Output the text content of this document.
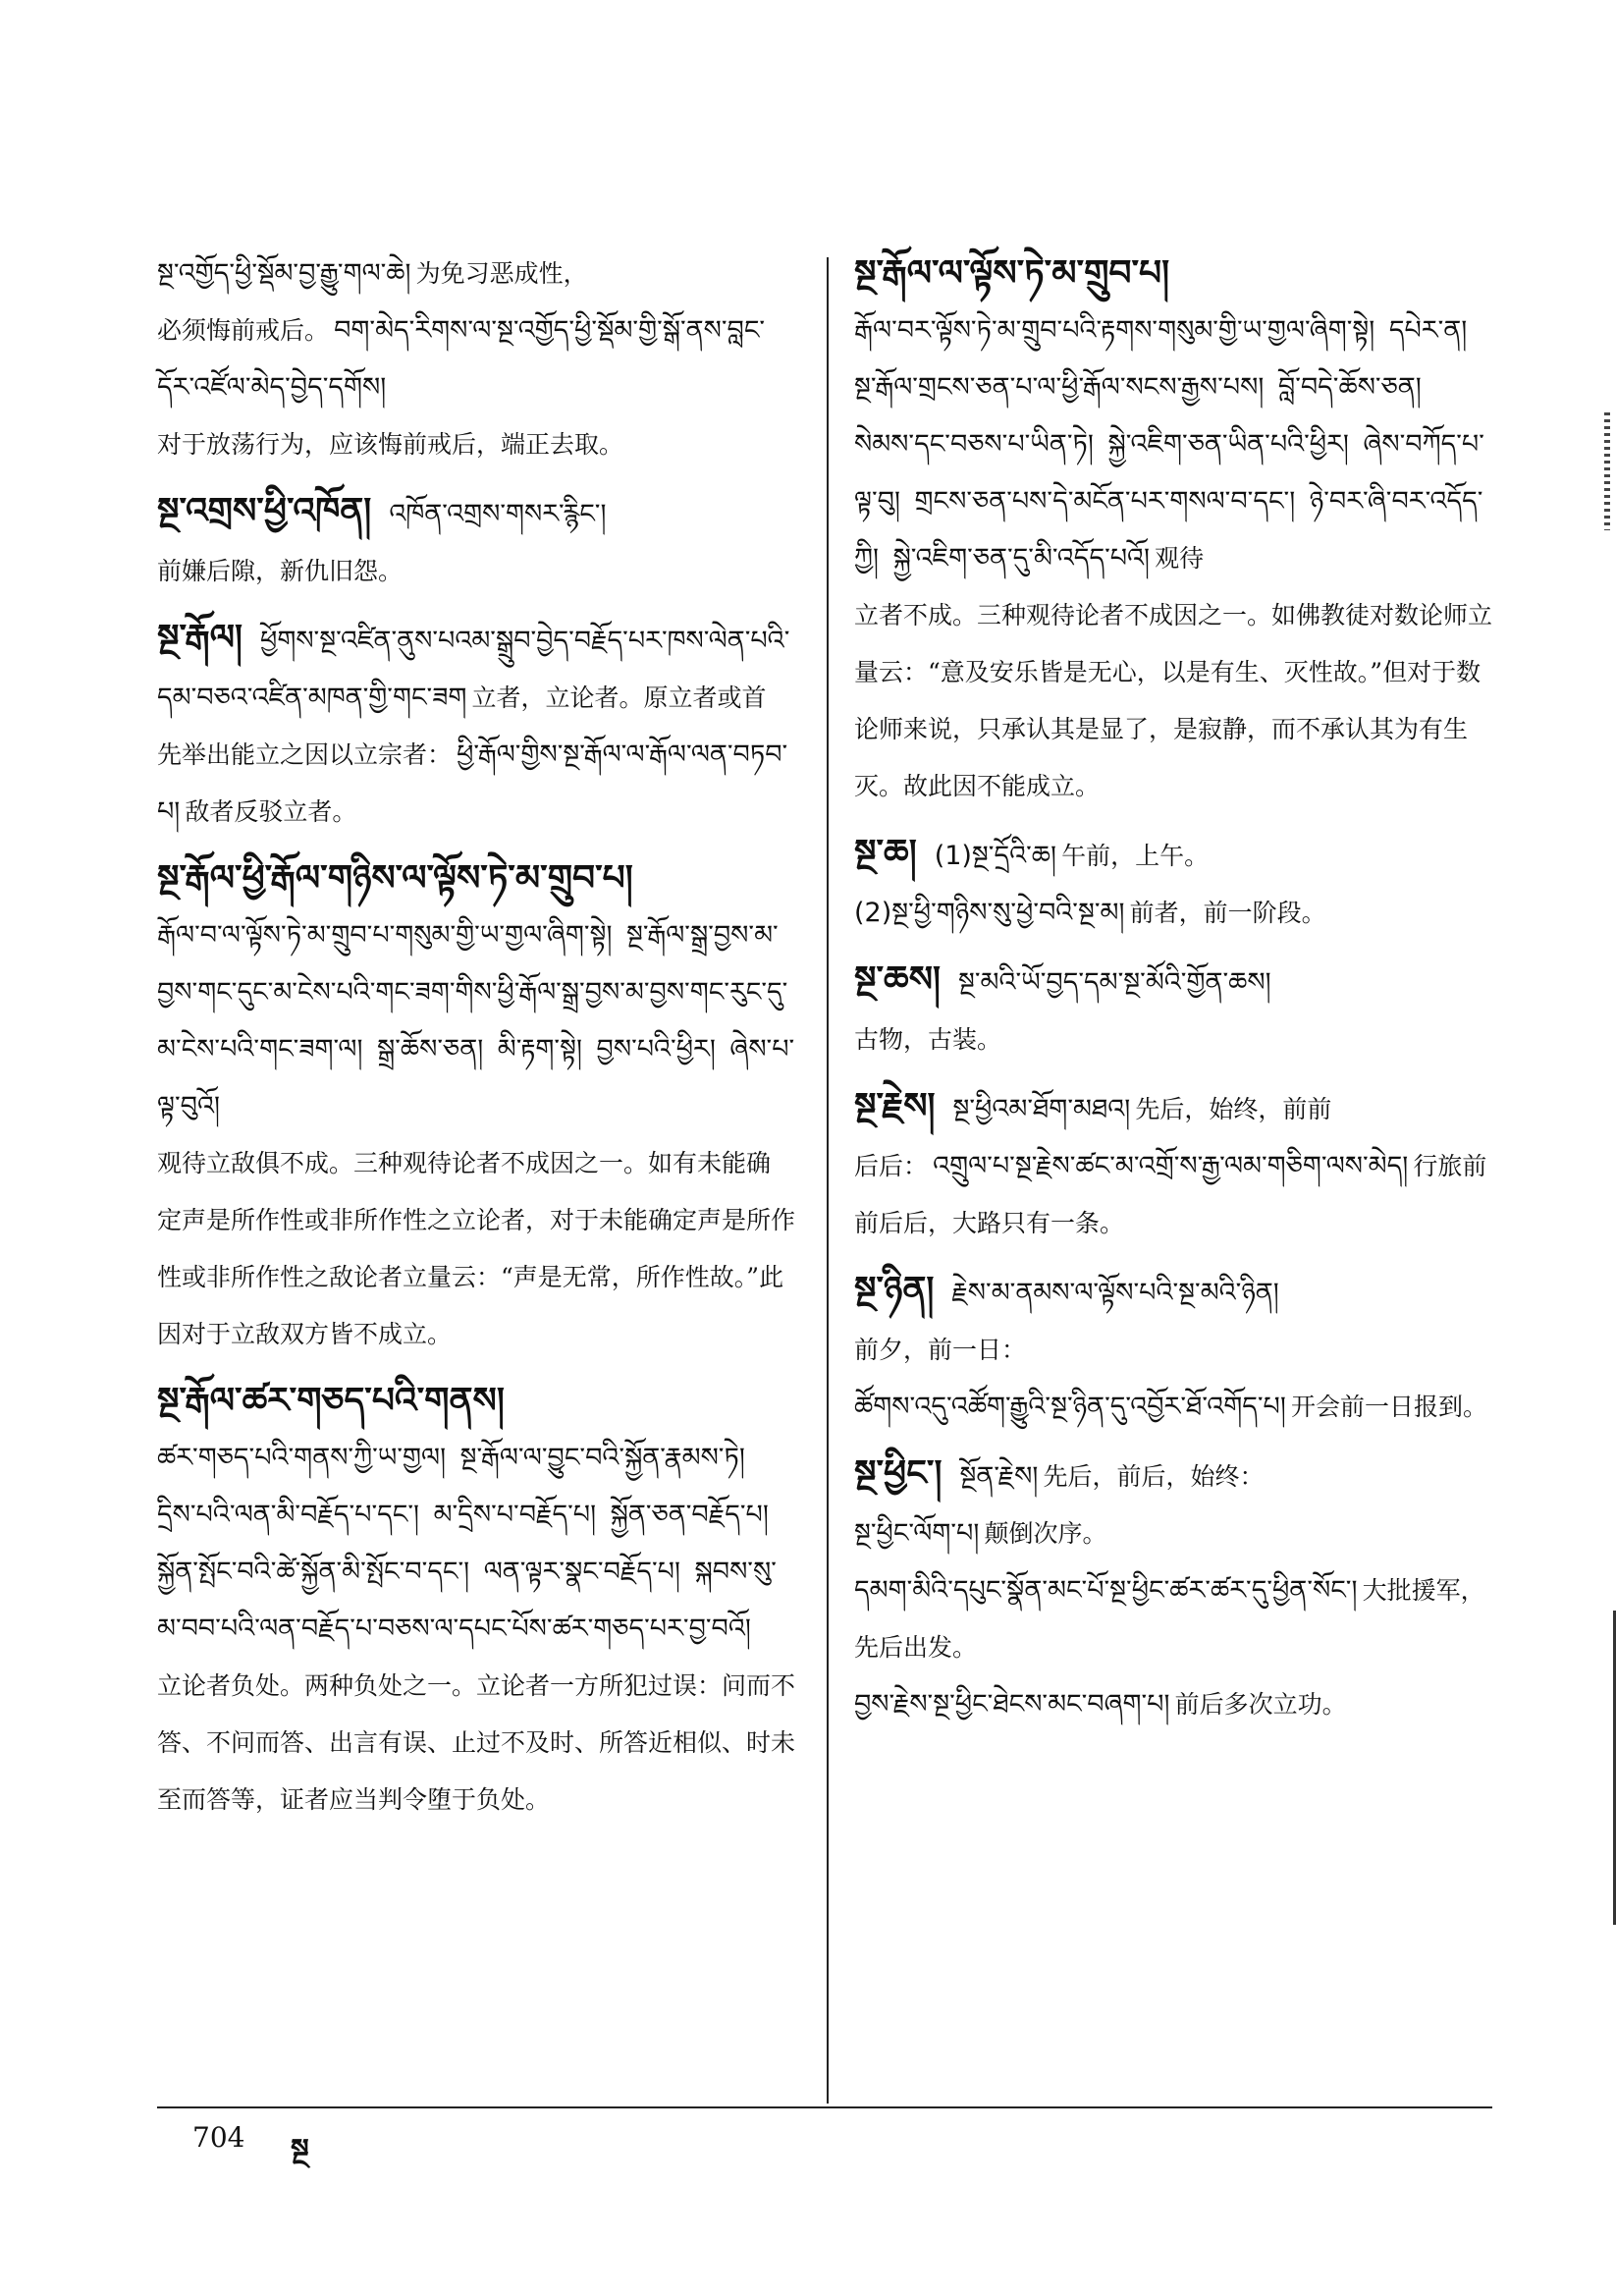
སྔ་འགྱོད་ཕྱི་སྡོམ་བྱ་རྒྱུ་གལ་ཆེ། 为免习恶成性，

必须悔前戒后。 བག་མེད་རིགས་ལ་སྔ་འགྱོད་ཕྱི་སྡོམ་གྱི་སྒོ་ནས་བླང་དོར་འཛོལ་མེད་བྱེད་དགོས།

对于放荡行为，应该悔前戒后，端正去取。

སྔ་འགྲས་ཕྱི་འཁོན། འཁོན་འགྲས་གསར་རྙིང་།

前嫌后隙，新仇旧怨。

སྔ་རྒོལ། ཕྱོགས་སྔ་འཛིན་ནུས་པའམ་སྒྲུབ་བྱེད་བརྗོད་པར་ཁས་ལེན་པའི་དམ་བཅའ་འཛིན་མཁན་གྱི་གང་ཟག 立者，立论者。原立者或首

先举出能立之因以立宗者： ཕྱི་རྒོལ་གྱིས་སྔ་རྒོལ་ལ་རྒོལ་ལན་བཏབ་པ། 敌者反驳立者。

སྔ་རྒོལ་ཕྱི་རྒོལ་གཉིས་ལ་ལྟོས་ཏེ་མ་གྲུབ་པ།

རྒོལ་བ་ལ་ལྟོས་ཏེ་མ་གྲུབ་པ་གསུམ་གྱི་ཡ་གྱལ་ཞིག་སྟེ། སྔ་རྒོལ་སྒྲ་བྱས་མ་བྱས་གང་དུང་མ་ངེས་པའི་གང་ཟག་གིས་ཕྱི་རྒོལ་སྒྲ་བྱས་མ་བྱས་གང་རུང་དུ་མ་ངེས་པའི་གང་ཟག་ལ། སྒྲ་ཆོས་ཅན། མི་རྟག་སྟེ། བྱས་པའི་ཕྱིར། ཞེས་པ་ལྟ་བུའོ།

观待立敌俱不成。三种观待论者不成因之一。如有未能确定声是所作性或非所作性之立论者，对于未能确定声是所作性或非所作性之敌论者立量云：“声是无常，所作性故。”此因对于立敌双方皆不成立。

སྔ་རྒོལ་ཚར་གཅད་པའི་གནས།

ཚར་གཅད་པའི་གནས་ཀྱི་ཡ་གྱལ། སྔ་རྒོལ་ལ་བྱུང་བའི་སྐྱོན་རྣམས་ཏེ། དྲིས་པའི་ལན་མི་བརྗོད་པ་དང་། མ་དྲིས་པ་བརྗོད་པ། སྐྱོན་ཅན་བརྗོད་པ། སྐྱོན་སྤོང་བའི་ཚེ་སྐྱོན་མི་སྤོང་བ་དང་། ལན་ལྟར་སྣང་བརྗོད་པ། སྐབས་སུ་མ་བབ་པའི་ལན་བརྗོད་པ་བཅས་ལ་དཔང་པོས་ཚར་གཅད་པར་བྱ་བའོ།

立论者负处。两种负处之一。立论者一方所犯过误：问而不答、不问而答、出言有误、止过不及时、所答近相似、时未至而答等，证者应当判令堕于负处。

སྔ་རྒོལ་ལ་ལྟོས་ཏེ་མ་གྲུབ་པ།

རྒོལ་བར་ལྟོས་ཏེ་མ་གྲུབ་པའི་རྟགས་གསུམ་གྱི་ཡ་གྱལ་ཞིག་སྟེ། དཔེར་ན། སྔ་རྒོལ་གྲངས་ཅན་པ་ལ་ཕྱི་རྒོལ་སངས་རྒྱས་པས། བློ་བདེ་ཆོས་ཅན། སེམས་དང་བཅས་པ་ཡིན་ཏེ། སྐྱེ་འཇིག་ཅན་ཡིན་པའི་ཕྱིར། ཞེས་བཀོད་པ་ལྟ་བུ། གྲངས་ཅན་པས་དེ་མངོན་པར་གསལ་བ་དང་། ཉེ་བར་ཞི་བར་འདོད་ཀྱི། སྐྱེ་འཇིག་ཅན་དུ་མི་འདོད་པའོ། 观待

立者不成。三种观待论者不成因之一。如佛教徒对数论师立量云：“意及安乐皆是无心，以是有生、灭性故。”但对于数论师来说，只承认其是显了，是寂静，而不承认其为有生灭。故此因不能成立。

སྔ་ཆ། (1)སྔ་དྲོའི་ཆ། 午前，上午。

(2)སྔ་ཕྱི་གཉིས་སུ་ཕྱེ་བའི་སྔ་མ། 前者，前一阶段。

སྔ་ཆས། སྔ་མའི་ཡོ་བྱད་དམ་སྔ་མོའི་གྱོན་ཆས།

古物，古装。

སྔ་རྗེས། སྔ་ཕྱིའམ་ཐོག་མཐའ། 先后，始终，前前

后后： འགྲུལ་པ་སྔ་རྗེས་ཚང་མ་འགྲོ་ས་རྒྱ་ལམ་གཅིག་ལས་མེད། 行旅前前后后，大路只有一条。

སྔ་ཉིན། རྗེས་མ་ནམས་ལ་ལྟོས་པའི་སྔ་མའི་ཉིན།

前夕，前一日：

ཚོགས་འདུ་འཚོག་རྒྱུའི་སྔ་ཉིན་དུ་འབྱོར་ཐོ་འགོད་པ། 开会前一日报到。

སྔ་ཕྱིང་། སྔོན་རྗེས། 先后，前后，始终：

སྔ་ཕྱིང་ལོག་པ། 颠倒次序。

དམག་མིའི་དཔུང་སྣོན་མང་པོ་སྔ་ཕྱིང་ཚར་ཚར་དུ་ཕྱིན་སོང་། 大批援军，先后出发。

བྱས་རྗེས་སྔ་ཕྱིང་ཐེངས་མང་བཞག་པ། 前后多次立功。

704 སྔ
